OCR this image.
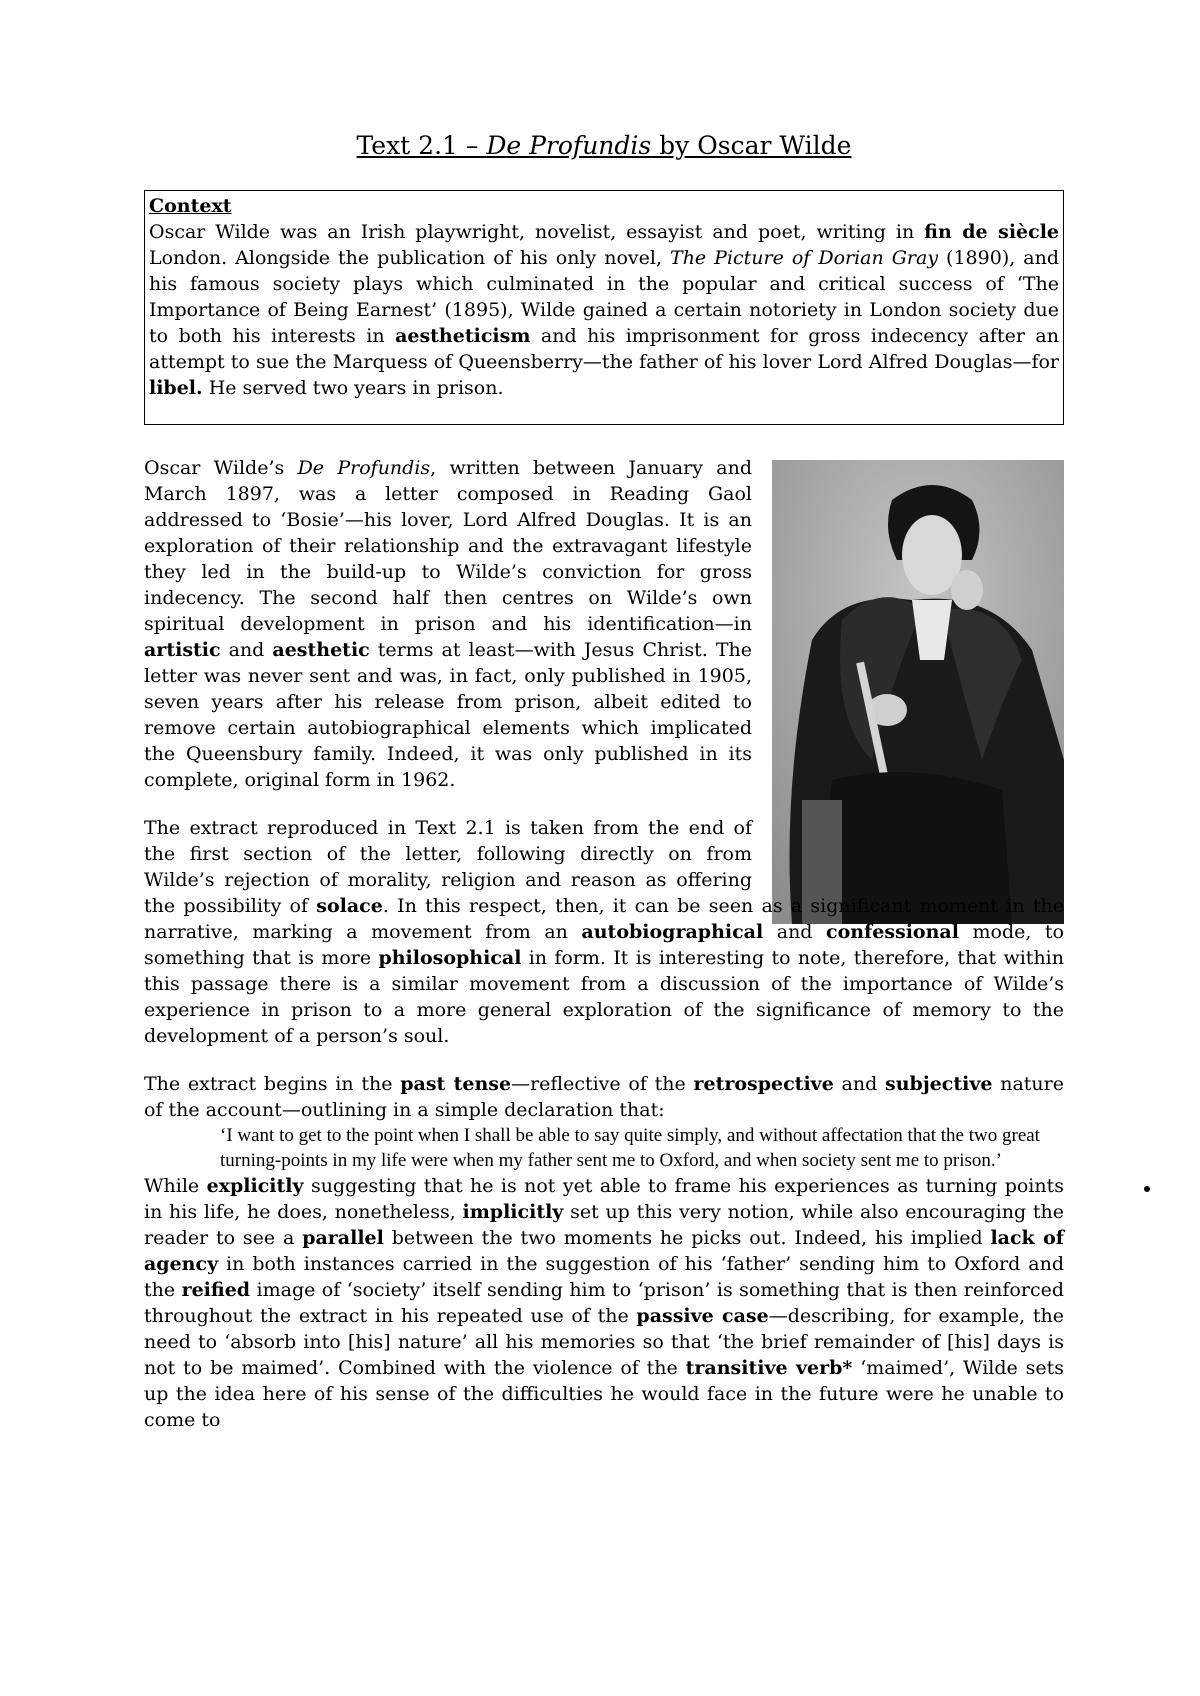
Text 2.1 – De Profundis by Oscar Wilde

Context

Oscar Wilde was an Irish playwright, novelist, essayist and poet, writing in fin de siècle London. Alongside the publication of his only novel, The Picture of Dorian Gray (1890), and his famous society plays which culminated in the popular and critical success of ‘The Importance of Being Earnest’ (1895), Wilde gained a certain notoriety in London society due to both his interests in aestheticism and his imprisonment for gross indecency after an attempt to sue the Marquess of Queensberry—the father of his lover Lord Alfred Douglas—for libel. He served two years in prison.

Oscar Wilde’s De Profundis, written between January and March 1897, was a letter composed in Reading Gaol addressed to ‘Bosie’—his lover, Lord Alfred Douglas. It is an exploration of their relationship and the extravagant lifestyle they led in the build-up to Wilde’s conviction for gross indecency. The second half then centres on Wilde’s own spiritual development in prison and his identification—in artistic and aesthetic terms at least—with Jesus Christ. The letter was never sent and was, in fact, only published in 1905, seven years after his release from prison, albeit edited to remove certain autobiographical elements which implicated the Queensbury family. Indeed, it was only published in its complete, original form in 1962.

The extract reproduced in Text 2.1 is taken from the end of the first section of the letter, following directly on from Wilde’s rejection of morality, religion and reason as offering the possibility of solace. In this respect, then, it can be seen as a significant moment in the narrative, marking a movement from an autobiographical and confessional mode, to something that is more philosophical in form. It is interesting to note, therefore, that within this passage there is a similar movement from a discussion of the importance of Wilde’s experience in prison to a more general exploration of the significance of memory to the development of a person’s soul.

The extract begins in the past tense—reflective of the retrospective and subjective nature of the account—outlining in a simple declaration that:

‘I want to get to the point when I shall be able to say quite simply, and without affectation that the two great turning-points in my life were when my father sent me to Oxford, and when society sent me to prison.’

While explicitly suggesting that he is not yet able to frame his experiences as turning points in his life, he does, nonetheless, implicitly set up this very notion, while also encouraging the reader to see a parallel between the two moments he picks out. Indeed, his implied lack of agency in both instances carried in the suggestion of his ‘father’ sending him to Oxford and the reified image of ‘society’ itself sending him to ‘prison’ is something that is then reinforced throughout the extract in his repeated use of the passive case—describing, for example, the need to ‘absorb into [his] nature’ all his memories so that ‘the brief remainder of [his] days is not to be maimed’. Combined with the violence of the transitive verb* ‘maimed’, Wilde sets up the idea here of his sense of the difficulties he would face in the future were he unable to come to
